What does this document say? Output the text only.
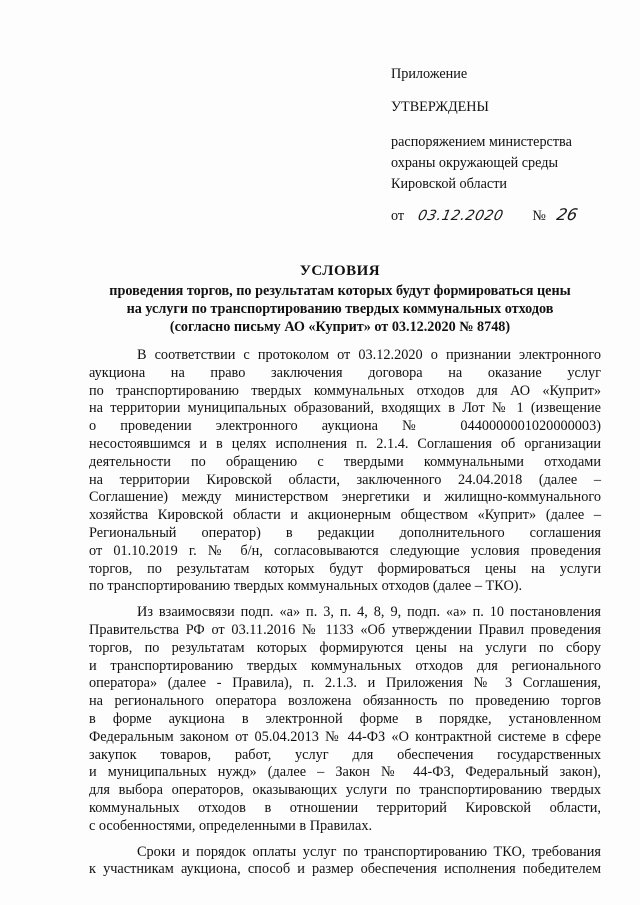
Приложение
УТВЕРЖДЕНЫ
распоряжением министерства
охраны окружающей среды
Кировской области
от 03.12.2020 № 26
УСЛОВИЯ
проведения торгов, по результатам которых будут формироваться цены
на услуги по транспортированию твердых коммунальных отходов
(согласно письму АО «Куприт» от 03.12.2020 № 8748)
В соответствии с протоколом от 03.12.2020 о признании электронного
аукциона на право заключения договора на оказание услуг
по транспортированию твердых коммунальных отходов для АО «Куприт»
на территории муниципальных образований, входящих в Лот № 1 (извещение
о проведении электронного аукциона № 0440000001020000003)
несостоявшимся и в целях исполнения п. 2.1.4. Соглашения об организации
деятельности по обращению с твердыми коммунальными отходами
на территории Кировской области, заключенного 24.04.2018 (далее –
Соглашение) между министерством энергетики и жилищно-коммунального
хозяйства Кировской области и акционерным обществом «Куприт» (далее –
Региональный оператор) в редакции дополнительного соглашения
от 01.10.2019 г. № б/н, согласовываются следующие условия проведения
торгов, по результатам которых будут формироваться цены на услуги
по транспортированию твердых коммунальных отходов (далее – ТКО).
Из взаимосвязи подп. «а» п. 3, п. 4, 8, 9, подп. «а» п. 10 постановления
Правительства РФ от 03.11.2016 № 1133 «Об утверждении Правил проведения
торгов, по результатам которых формируются цены на услуги по сбору
и транспортированию твердых коммунальных отходов для регионального
оператора» (далее - Правила), п. 2.1.3. и Приложения № 3 Соглашения,
на регионального оператора возложена обязанность по проведению торгов
в форме аукциона в электронной форме в порядке, установленном
Федеральным законом от 05.04.2013 № 44-ФЗ «О контрактной системе в сфере
закупок товаров, работ, услуг для обеспечения государственных
и муниципальных нужд» (далее – Закон № 44-ФЗ, Федеральный закон),
для выбора операторов, оказывающих услуги по транспортированию твердых
коммунальных отходов в отношении территорий Кировской области,
с особенностями, определенными в Правилах.
Сроки и порядок оплаты услуг по транспортированию ТКО, требования
к участникам аукциона, способ и размер обеспечения исполнения победителем
